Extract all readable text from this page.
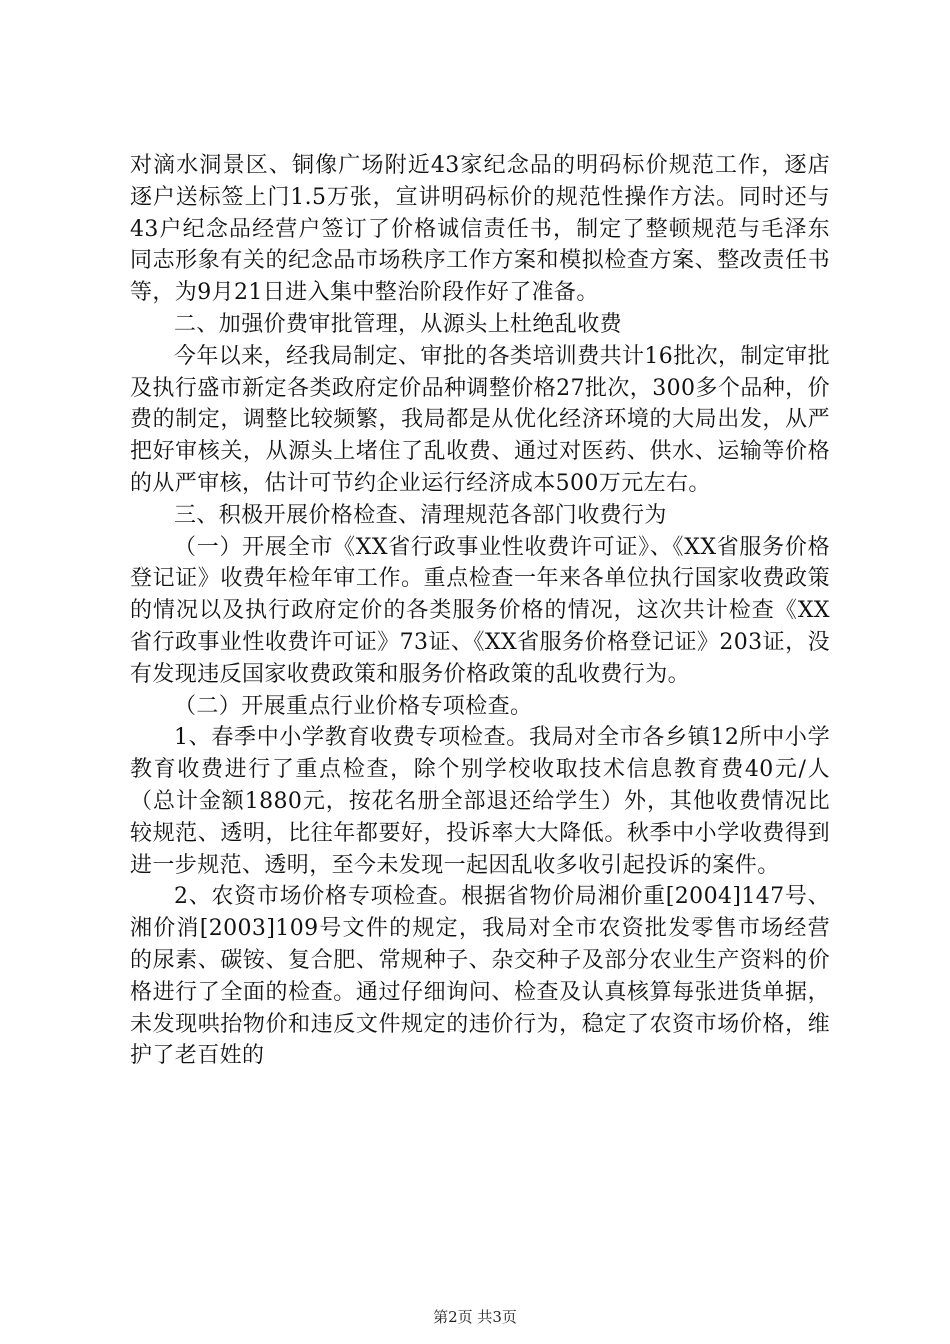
对滴水洞景区、铜像广场附近43家纪念品的明码标价规范工作，逐店逐户送标签上门1.5万张，宣讲明码标价的规范性操作方法。同时还与43户纪念品经营户签订了价格诚信责任书，制定了整顿规范与毛泽东同志形象有关的纪念品市场秩序工作方案和模拟检查方案、整改责任书等，为9月21日进入集中整治阶段作好了准备。

二、加强价费审批管理，从源头上杜绝乱收费

今年以来，经我局制定、审批的各类培训费共计16批次，制定审批及执行盛市新定各类政府定价品种调整价格27批次，300多个品种，价费的制定，调整比较频繁，我局都是从优化经济环境的大局出发，从严把好审核关，从源头上堵住了乱收费、通过对医药、供水、运输等价格的从严审核，估计可节约企业运行经济成本500万元左右。

三、积极开展价格检查、清理规范各部门收费行为

（一）开展全市《XX省行政事业性收费许可证》、《XX省服务价格登记证》收费年检年审工作。重点检查一年来各单位执行国家收费政策的情况以及执行政府定价的各类服务价格的情况，这次共计检查《XX省行政事业性收费许可证》73证、《XX省服务价格登记证》203证，没有发现违反国家收费政策和服务价格政策的乱收费行为。

（二）开展重点行业价格专项检查。

1、春季中小学教育收费专项检查。我局对全市各乡镇12所中小学教育收费进行了重点检查，除个别学校收取技术信息教育费40元/人（总计金额1880元，按花名册全部退还给学生）外，其他收费情况比较规范、透明，比往年都要好，投诉率大大降低。秋季中小学收费得到进一步规范、透明，至今未发现一起因乱收多收引起投诉的案件。

2、农资市场价格专项检查。根据省物价局湘价重[2004]147号、湘价消[2003]109号文件的规定，我局对全市农资批发零售市场经营的尿素、碳铵、复合肥、常规种子、杂交种子及部分农业生产资料的价格进行了全面的检查。通过仔细询问、检查及认真核算每张进货单据，未发现哄抬物价和违反文件规定的违价行为，稳定了农资市场价格，维护了老百姓的

第2页 共3页
